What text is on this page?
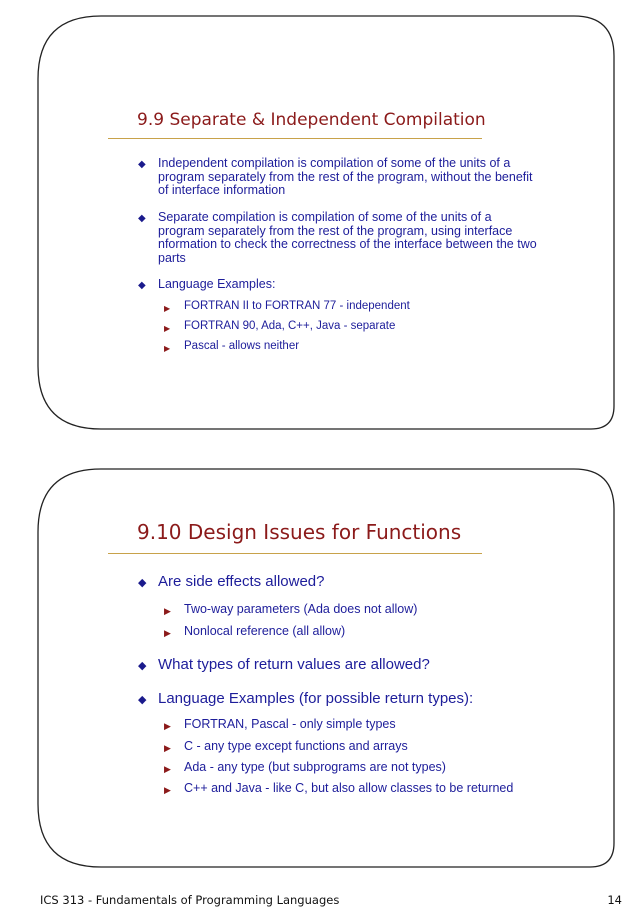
9.9 Separate & Independent Compilation
◆ Independent compilation is compilation of some of the units of a program separately from the rest of the program, without the benefit of interface information
◆ Separate compilation is compilation of some of the units of a program separately from the rest of the program, using interface nformation to check the correctness of the interface between the two parts
◆ Language Examples:
▶ FORTRAN II to FORTRAN 77 - independent
▶ FORTRAN 90, Ada, C++, Java - separate
▶ Pascal - allows neither
9.10 Design Issues for Functions
◆ Are side effects allowed?
▶ Two-way parameters (Ada does not allow)
▶ Nonlocal reference (all allow)
◆ What types of return values are allowed?
◆ Language Examples (for possible return types):
▶ FORTRAN, Pascal - only simple types
▶ C - any type except functions and arrays
▶ Ada - any type (but subprograms are not types)
▶ C++ and Java - like C, but also allow classes to be returned
ICS 313 - Fundamentals of Programming Languages	14
